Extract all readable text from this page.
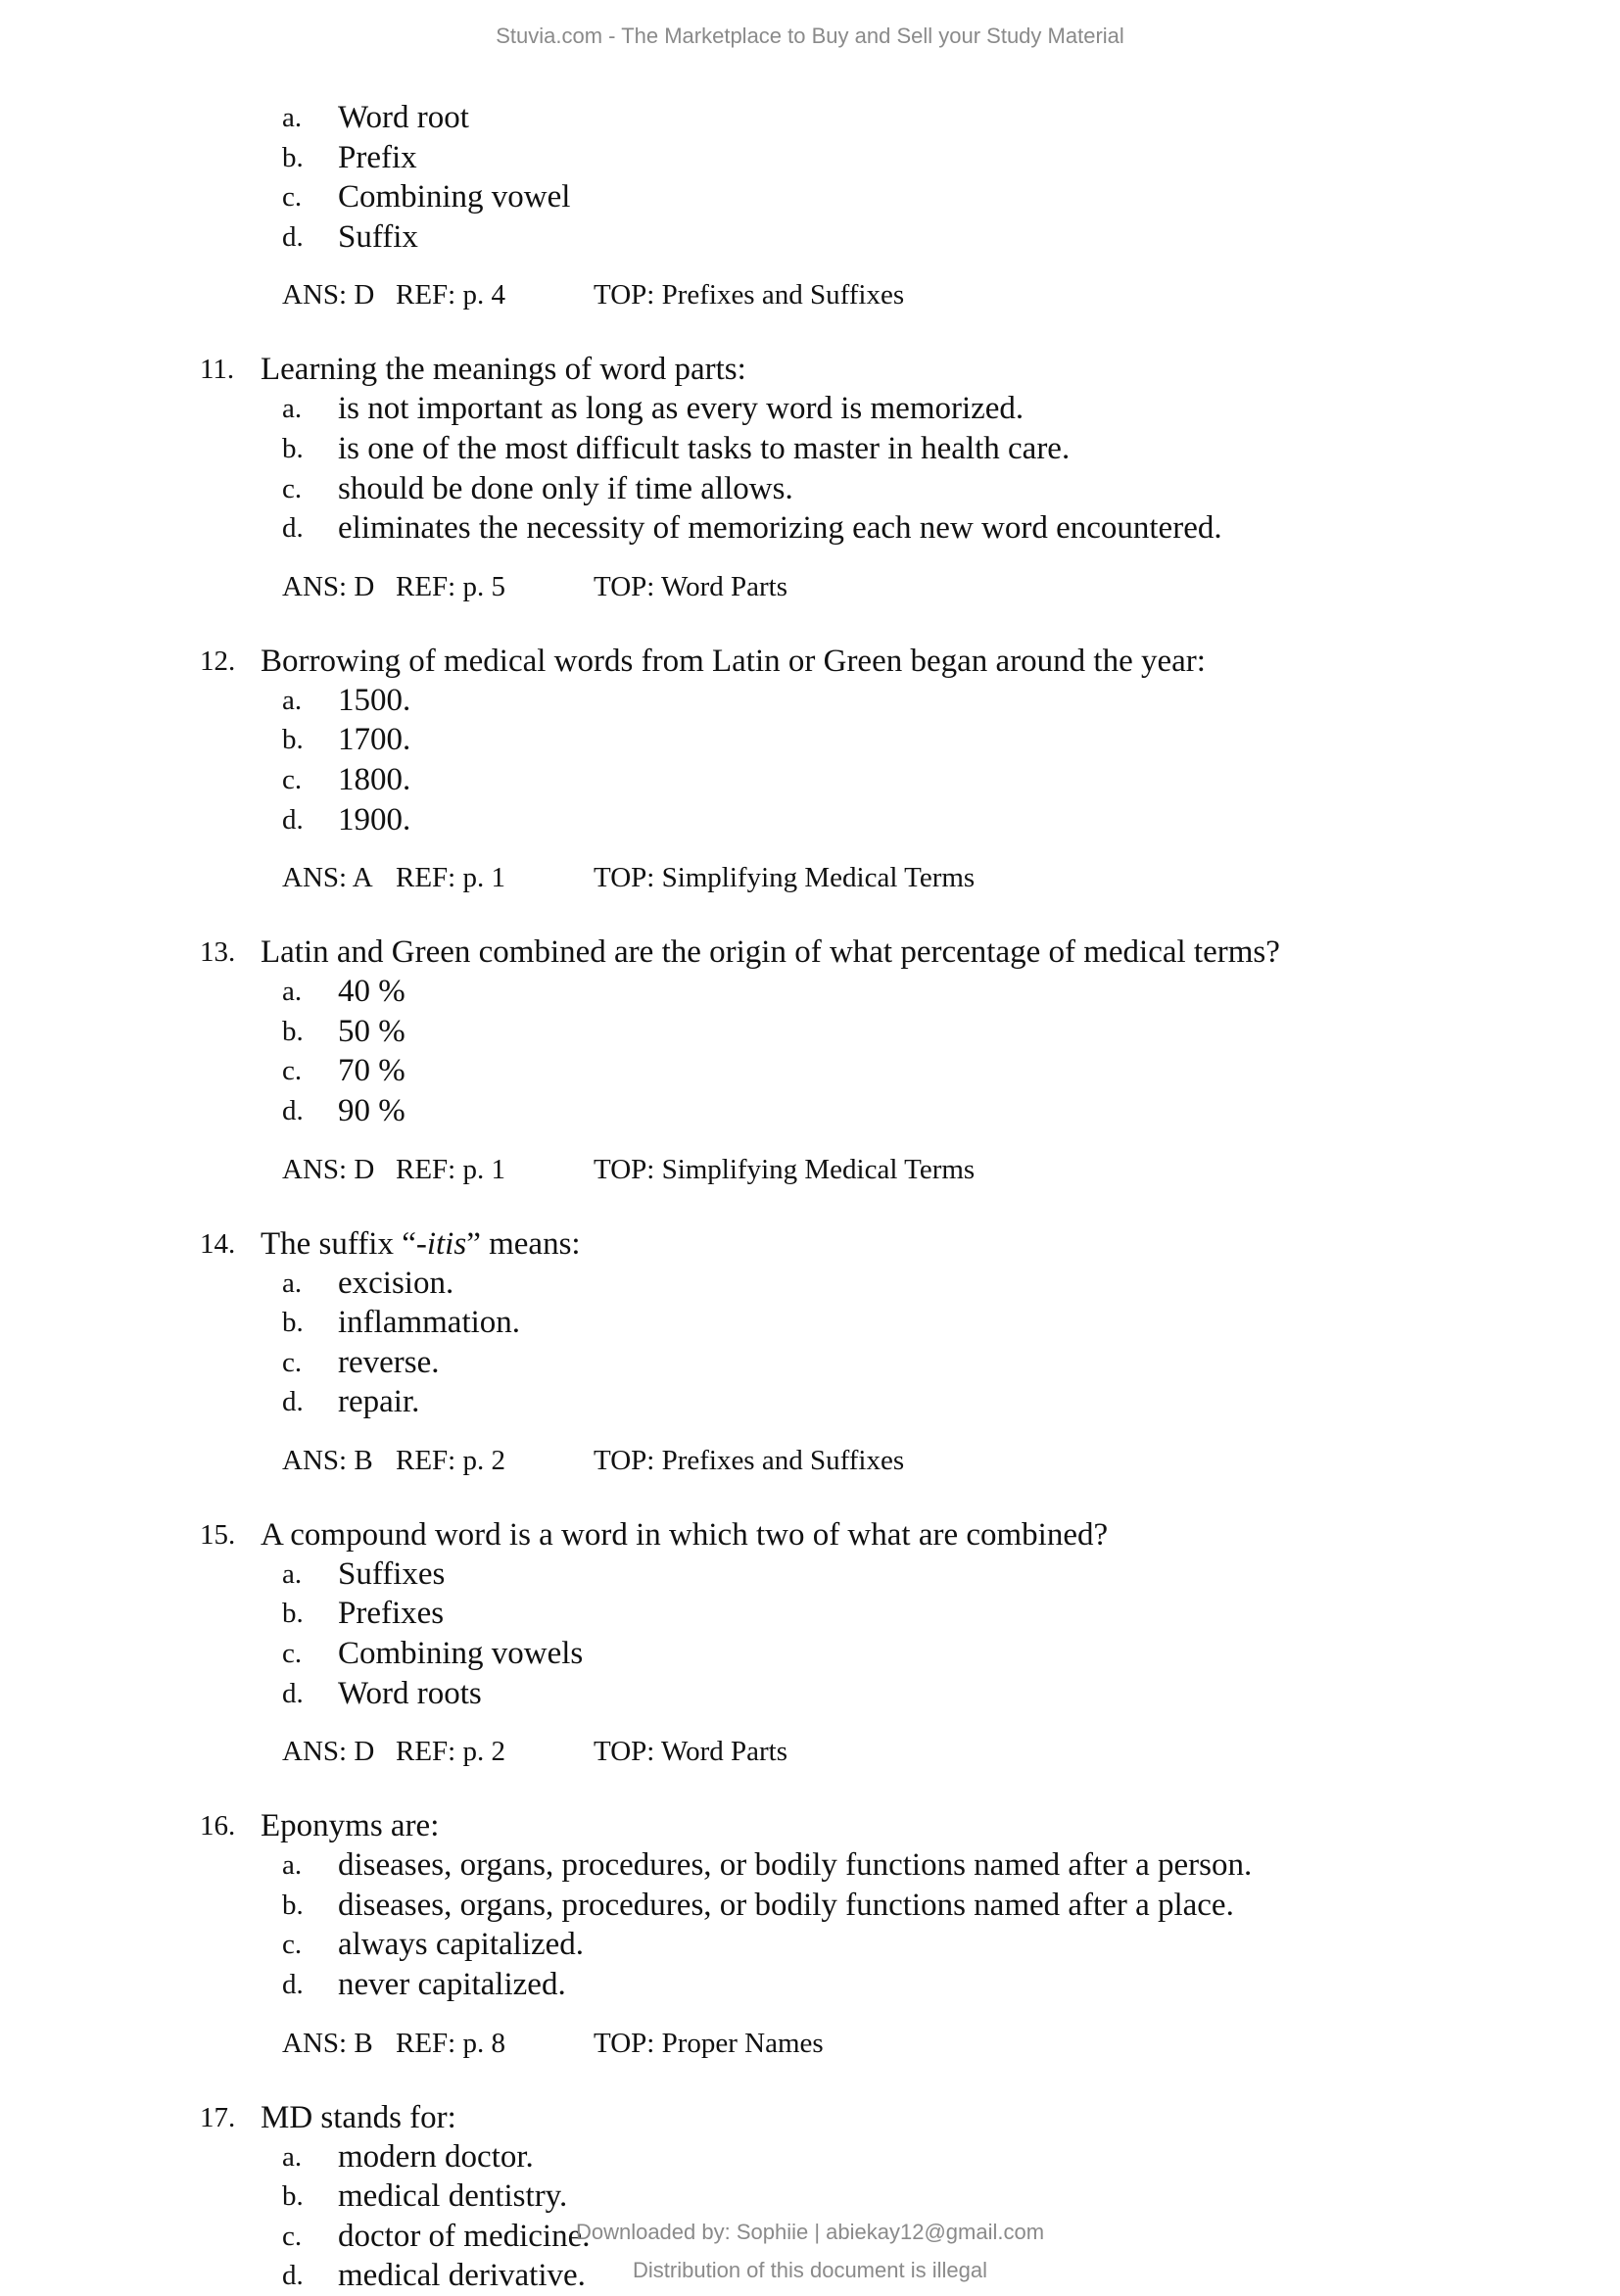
Stuvia.com - The Marketplace to Buy and Sell your Study Material
a. Word root
b. Prefix
c. Combining vowel
d. Suffix
ANS: D REF: p. 4	TOP: Prefixes and Suffixes
11. Learning the meanings of word parts:
a. is not important as long as every word is memorized.
b. is one of the most difficult tasks to master in health care.
c. should be done only if time allows.
d. eliminates the necessity of memorizing each new word encountered.
ANS: D REF: p. 5	TOP: Word Parts
12. Borrowing of medical words from Latin or Green began around the year:
a. 1500.
b. 1700.
c. 1800.
d. 1900.
ANS: A REF: p. 1	TOP: Simplifying Medical Terms
13. Latin and Green combined are the origin of what percentage of medical terms?
a. 40 %
b. 50 %
c. 70 %
d. 90 %
ANS: D REF: p. 1	TOP: Simplifying Medical Terms
14. The suffix “-itis” means:
a. excision.
b. inflammation.
c. reverse.
d. repair.
ANS: B REF: p. 2	TOP: Prefixes and Suffixes
15. A compound word is a word in which two of what are combined?
a. Suffixes
b. Prefixes
c. Combining vowels
d. Word roots
ANS: D REF: p. 2	TOP: Word Parts
16. Eponyms are:
a. diseases, organs, procedures, or bodily functions named after a person.
b. diseases, organs, procedures, or bodily functions named after a place.
c. always capitalized.
d. never capitalized.
ANS: B REF: p. 8	TOP: Proper Names
17. MD stands for:
a. modern doctor.
b. medical dentistry.
c. doctor of medicine.
d. medical derivative.
Downloaded by: Sophiie | abiekay12@gmail.com
Distribution of this document is illegal
